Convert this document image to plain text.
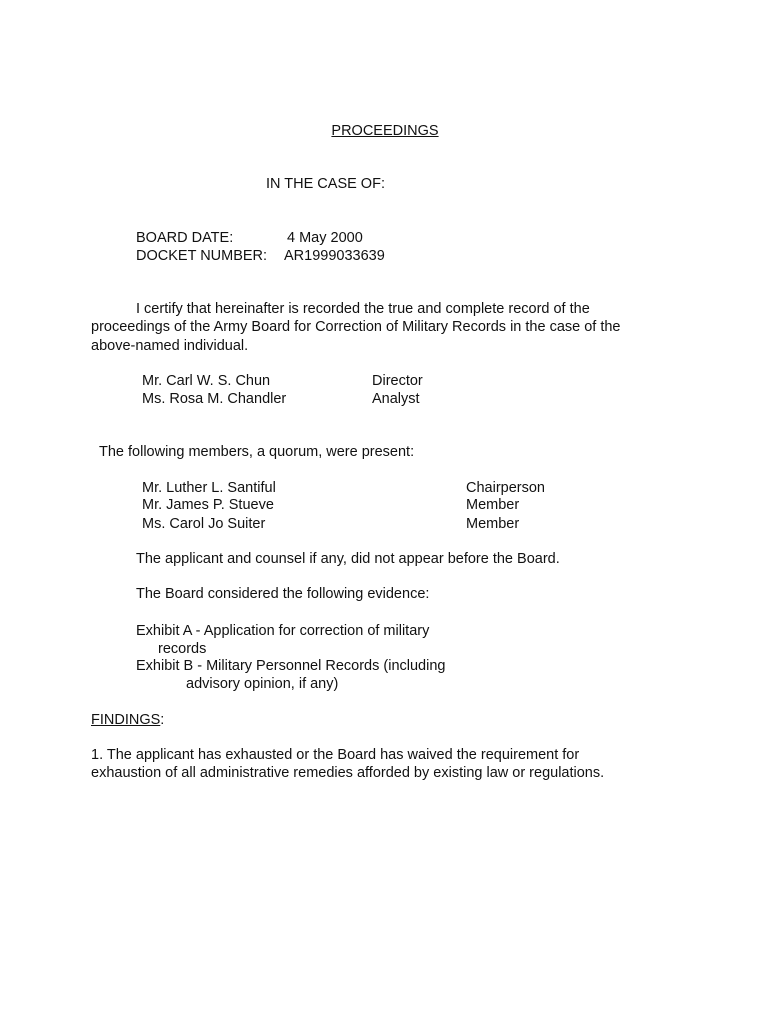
PROCEEDINGS
IN THE CASE OF:
BOARD DATE:	4 May 2000
DOCKET NUMBER: AR1999033639
I certify that hereinafter is recorded the true and complete record of the proceedings of the Army Board for Correction of Military Records in the case of the above-named individual.
Mr. Carl W. S. Chun	Director
Ms. Rosa M. Chandler	Analyst
The following members, a quorum, were present:
Mr. Luther L. Santiful	Chairperson
Mr. James P. Stueve	Member
Ms. Carol Jo Suiter	Member
The applicant and counsel if any, did not appear before the Board.
The Board considered the following evidence:
Exhibit A - Application for correction of military
records
Exhibit B - Military Personnel Records (including
advisory opinion, if any)
FINDINGS:
1. The applicant has exhausted or the Board has waived the requirement for exhaustion of all administrative remedies afforded by existing law or regulations.
